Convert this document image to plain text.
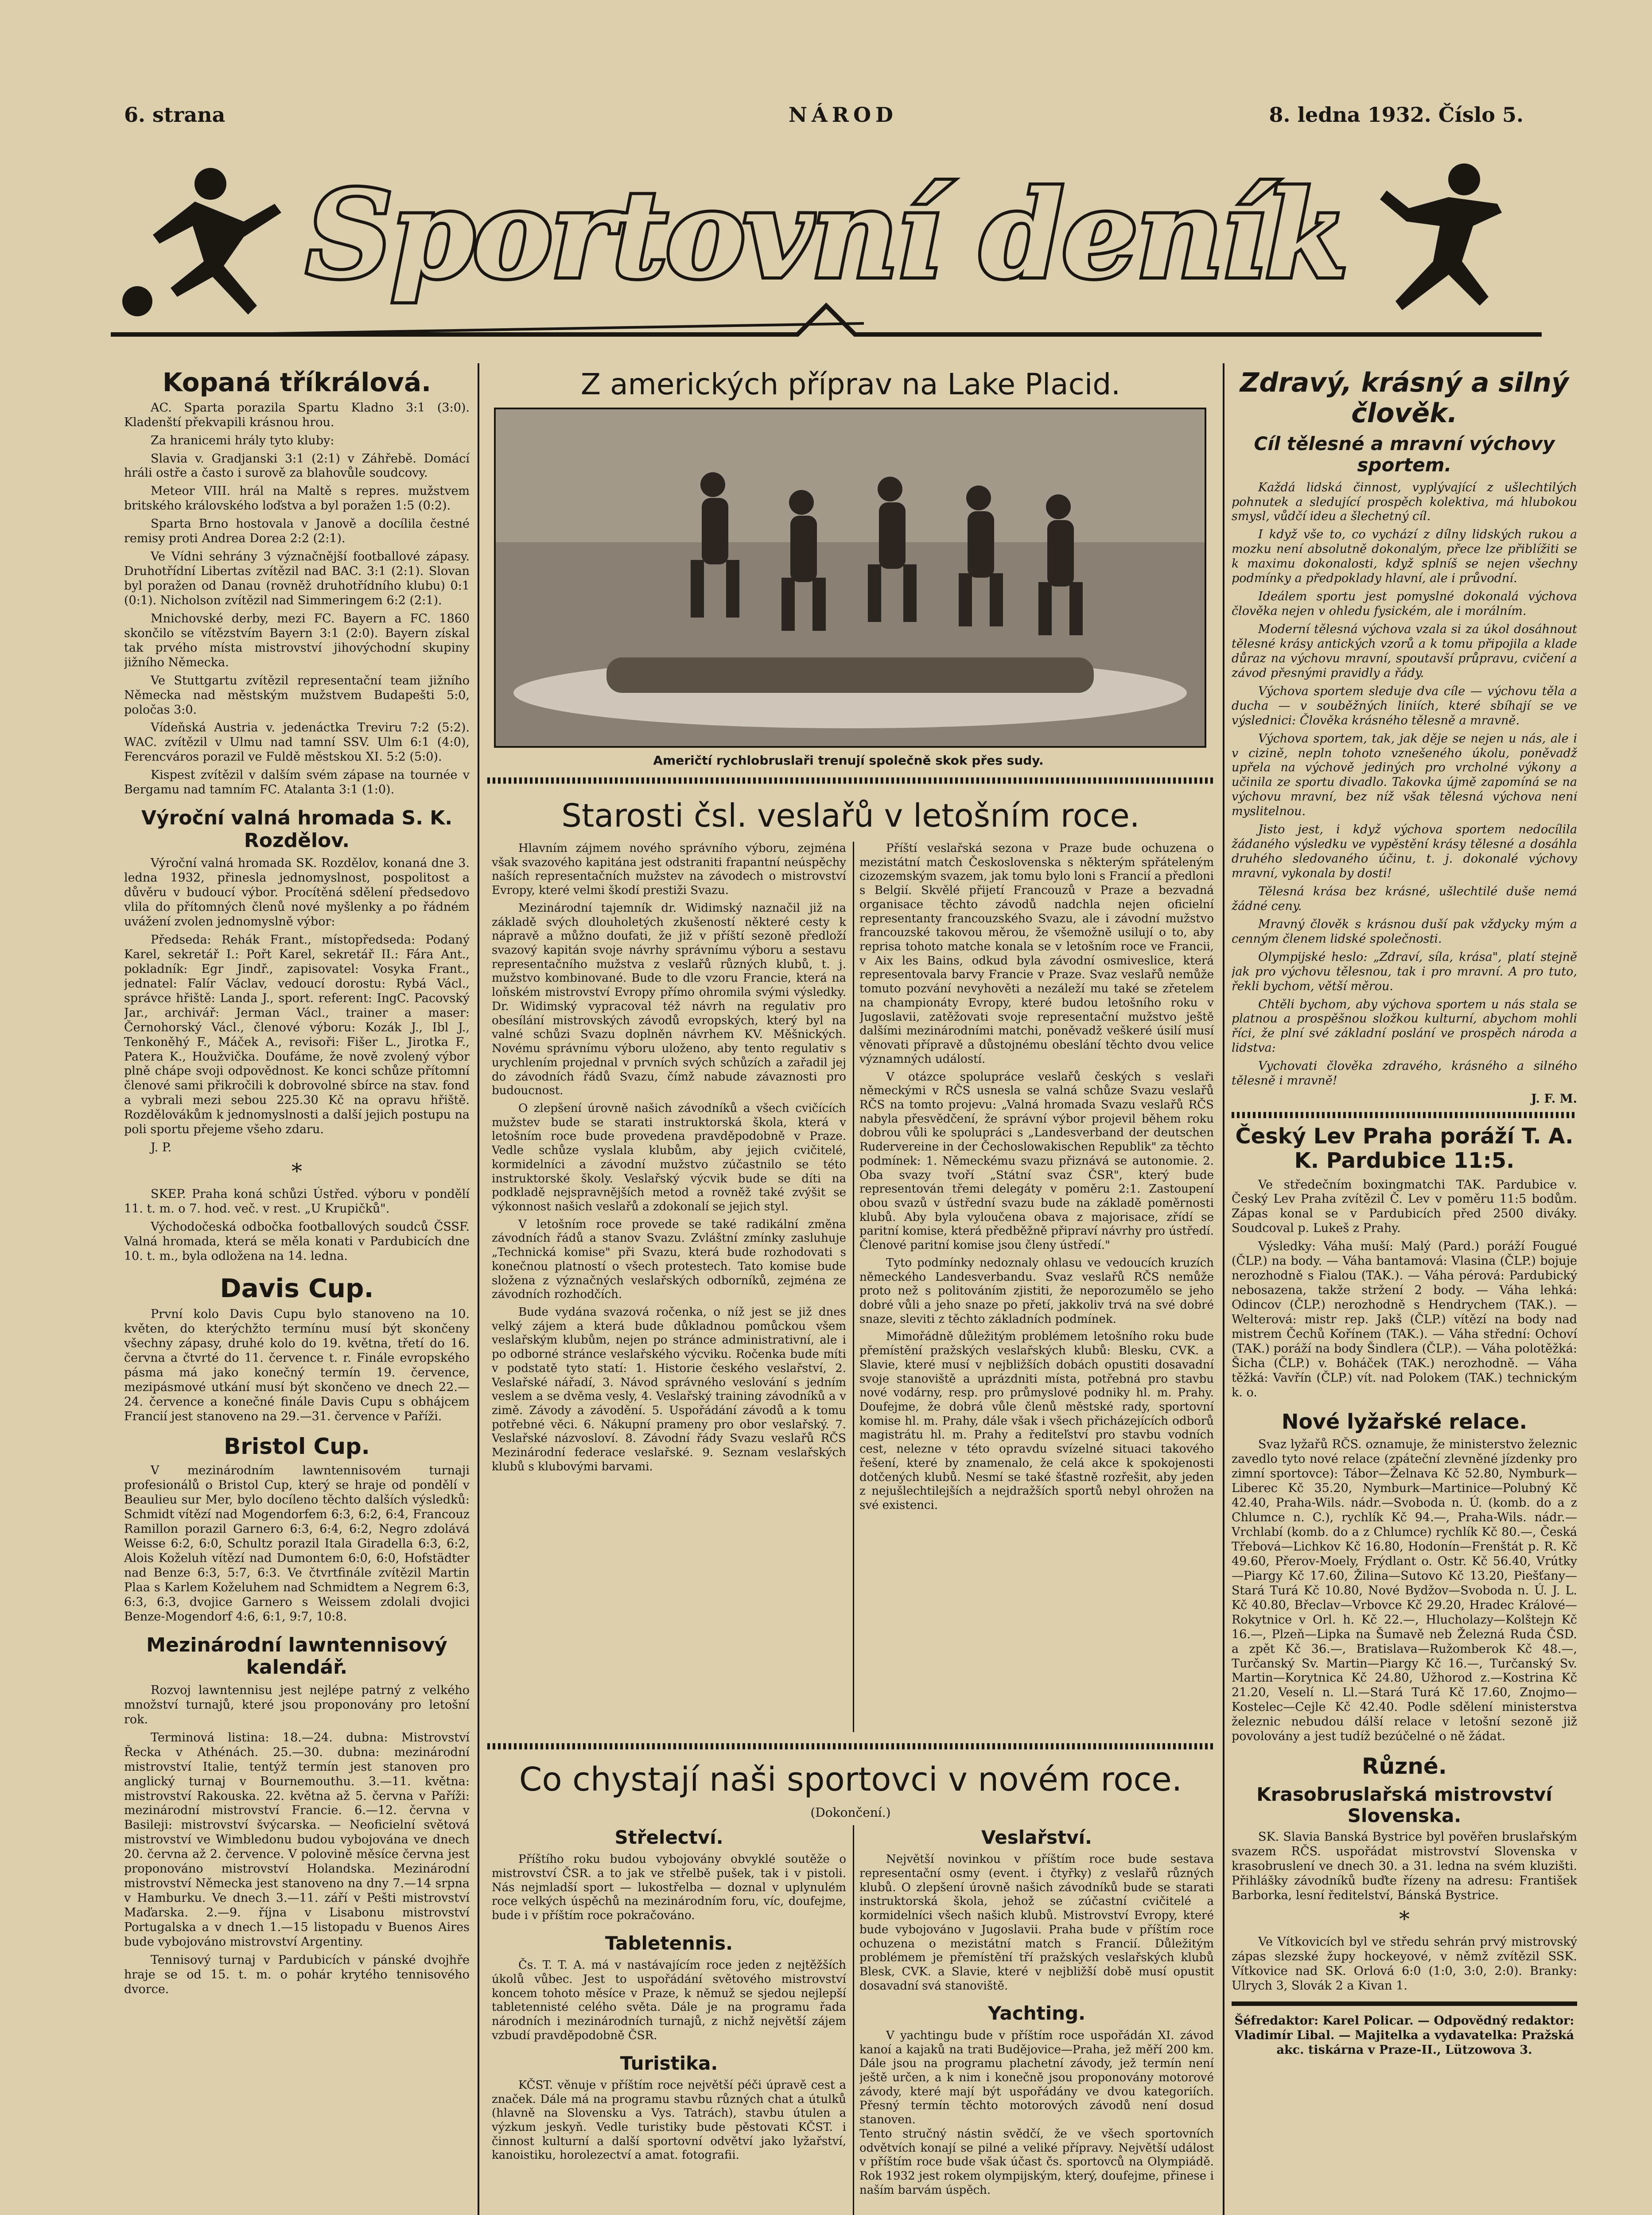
6. strana	NÁROD	8. ledna 1932. Číslo 5.
Sportovní deník
Kopaná tříkrálová.

AC. Sparta porazila Spartu Kladno 3:1 (3:0). Kladenští překvapili krásnou hrou.

Za hranicemi hrály tyto kluby:

Slavia v. Gradjanski 3:1 (2:1) v Záhřebě. Domácí hráli ostře a často i surově za blahovůle soudcovy.

Meteor VIII. hrál na Maltě s repres. mužstvem britského královského loďstva a byl poražen 1:5 (0:2).

Sparta Brno hostovala v Janově a docílila čestné remisy proti Andrea Dorea 2:2 (2:1).

Ve Vídni sehrány 3 význačnější footballové zápasy. Druhotřídní Libertas zvítězil nad BAC. 3:1 (2:1). Slovan byl poražen od Danau (rovněž druhotřídního klubu) 0:1 (0:1). Nicholson zvítězil nad Simmeringem 6:2 (2:1).

Mnichovské derby, mezi FC. Bayern a FC. 1860 skončilo se vítězstvím Bayern 3:1 (2:0). Bayern získal tak prvého místa mistrovství jihovýchodní skupiny jižního Německa.

Ve Stuttgartu zvítězil representační team jižního Německa nad městským mužstvem Budapešti 5:0, poločas 3:0.

Vídeňská Austria v. jedenáctka Treviru 7:2 (5:2). WAC. zvítězil v Ulmu nad tamní SSV. Ulm 6:1 (4:0), Ferencváros porazil ve Fuldě městskou XI. 5:2 (5:0).

Kispest zvítězil v dalším svém zápase na tournée v Bergamu nad tamním FC. Atalanta 3:1 (1:0).

Výroční valná hromada S. K. Rozdělov.

Výroční valná hromada SK. Rozdělov, konaná dne 3. ledna 1932, přinesla jednomyslnost, pospolitost a důvěru v budoucí výbor. Procítěná sdělení předsedovo vlila do přítomných členů nové myšlenky a po řádném uvážení zvolen jednomyslně výbor:

Předseda: Rehák Frant., místopředseda: Podaný Karel, sekretář I.: Pořt Karel, sekretář II.: Fára Ant., pokladník: Egr Jindř., zapisovatel: Vosyka Frant., jednatel: Falír Václav, vedoucí dorostu: Rybá Václ., správce hřiště: Landa J., sport. referent: IngC. Pacovský Jar., archivář: Jerman Václ., trainer a maser: Černohorský Václ., členové výboru: Kozák J., Ibl J., Tenkoněhý F., Máček A., revisoři: Fišer L., Jirotka F., Patera K., Houžvička. Doufáme, že nově zvolený výbor plně chápe svoji odpovědnost. Ke konci schůze přítomní členové sami přikročili k dobrovolné sbírce na stav. fond a vybrali mezi sebou 225.30 Kč na opravu hřiště. Rozdělovákům k jednomyslnosti a další jejich postupu na poli sportu přejeme všeho zdaru.

J. P.

*

SKEP. Praha koná schůzi Ústřed. výboru v pondělí 11. t. m. o 7. hod. več. v rest. „U Krupičků".

Východočeská odbočka footballových soudců ČSSF. Valná hromada, která se měla konati v Pardubicích dne 10. t. m., byla odložena na 14. ledna.

Davis Cup.

První kolo Davis Cupu bylo stanoveno na 10. květen, do kterýchžto termínu musí být skončeny všechny zápasy, druhé kolo do 19. května, třetí do 16. června a čtvrté do 11. července t. r. Finále evropského pásma má jako konečný termín 19. července, mezipásmové utkání musí být skončeno ve dnech 22.—24. července a konečné finále Davis Cupu s obhájcem Francií jest stanoveno na 29.—31. července v Paříži.

Bristol Cup.

V mezinárodním lawntennisovém turnaji profesionálů o Bristol Cup, který se hraje od pondělí v Beaulieu sur Mer, bylo docíleno těchto dalších výsledků: Schmidt vítězí nad Mogendorfem 6:3, 6:2, 6:4, Francouz Ramillon porazil Garnero 6:3, 6:4, 6:2, Negro zdolává Weisse 6:2, 6:0, Schultz porazil Itala Giradella 6:3, 6:2, Alois Koželuh vítězí nad Dumontem 6:0, 6:0, Hofstädter nad Benze 6:3, 5:7, 6:3. Ve čtvrtfinále zvítězil Martin Plaa s Karlem Koželuhem nad Schmidtem a Negrem 6:3, 6:3, 6:3, dvojice Garnero s Weissem zdolali dvojici Benze-Mogendorf 4:6, 6:1, 9:7, 10:8.

Mezinárodní lawntennisový kalendář.

Rozvoj lawntennisu jest nejlépe patrný z velkého množství turnajů, které jsou proponovány pro letošní rok.

Terminová listina: 18.—24. dubna: Mistrovství Řecka v Athénách. 25.—30. dubna: mezinárodní mistrovství Italie, tentýž termín jest stanoven pro anglický turnaj v Bournemouthu. 3.—11. května: mistrovství Rakouska. 22. května až 5. června v Paříži: mezinárodní mistrovství Francie. 6.—12. června v Basileji: mistrovství švýcarska. — Neoficielní světová mistrovství ve Wimbledonu budou vybojována ve dnech 20. června až 2. července. V polovině měsíce června jest proponováno mistrovství Holandska. Mezinárodní mistrovství Německa jest stanoveno na dny 7.—14 srpna v Hamburku. Ve dnech 3.—11. září v Pešti mistrovství Maďarska. 2.—9. října v Lisabonu mistrovství Portugalska a v dnech 1.—15 listopadu v Buenos Aires bude vybojováno mistrovství Argentiny.

Tennisový turnaj v Pardubicích v pánské dvojhře hraje se od 15. t. m. o pohár krytého tennisového dvorce.

Z amerických příprav na Lake Placid.
Američtí rychlobruslaři trenují společně skok přes sudy.
Starosti čsl. veslařů v letošním roce.

Hlavním zájmem nového správního výboru, zejména však svazového kapitána jest odstraniti frapantní neúspěchy naších representačních mužstev na závodech o mistrovství Evropy, které velmi škodí prestiži Svazu.

Mezinárodní tajemník dr. Widimský naznačil již na základě svých dlouholetých zkušeností některé cesty k nápravě a můžno doufati, že již v příští sezoně předloží svazový kapitán svoje návrhy správnímu výboru a sestavu representačního mužstva z veslařů různých klubů, t. j. mužstvo kombinované. Bude to dle vzoru Francie, která na loňském mistrovství Evropy přímo ohromila svými výsledky. Dr. Widimský vypracoval též návrh na regulativ pro obesílání mistrovských závodů evropských, který byl na valné schůzi Svazu doplněn návrhem KV. Měšnických. Novému správnímu výboru uloženo, aby tento regulativ s urychlením projednal v prvních svých schůzích a zařadil jej do závodních řádů Svazu, čímž nabude závaznosti pro budoucnost.

O zlepšení úrovně našich závodníků a všech cvičících mužstev bude se starati instruktorská škola, která v letošním roce bude provedena pravděpodobně v Praze. Vedle schůze vyslala klubům, aby jejich cvičitelé, kormidelníci a závodní mužstvo zúčastnilo se této instruktorské školy. Veslařský výcvik bude se díti na podkladě nejspravnějších metod a rovněž také zvýšit se výkonnost našich veslařů a zdokonalí se jejich styl.

V letošním roce provede se také radikální změna závodních řádů a stanov Svazu. Zvláštní zmínky zasluhuje „Technická komise" při Svazu, která bude rozhodovati s konečnou platností o všech protestech. Tato komise bude složena z význačných veslařských odborníků, zejména ze závodních rozhodčích.

Bude vydána svazová ročenka, o níž jest se již dnes velký zájem a která bude důkladnou pomůckou všem veslařským klubům, nejen po stránce administrativní, ale i po odborné stránce veslařského výcviku. Ročenka bude míti v podstatě tyto statí: 1. Historie českého veslařství, 2. Veslařské nářadí, 3. Návod správného veslování s jedním veslem a se dvěma vesly, 4. Veslařský training závodníků a v zimě. Závody a závodění. 5. Uspořádání závodů a k tomu potřebné věci. 6. Nákupní prameny pro obor veslařský. 7. Veslařské názvosloví. 8. Závodní řády Svazu veslařů RČS Mezinárodní federace veslařské. 9. Seznam veslařských klubů s klubovými barvami.

Příští veslařská sezona v Praze bude ochuzena o mezistátní match Československa s některým spřáteleným cizozemským svazem, jak tomu bylo loni s Francií a předloni s Belgií. Skvělé přijetí Francouzů v Praze a bezvadná organisace těchto závodů nadchla nejen oficielní representanty francouzského Svazu, ale i závodní mužstvo francouzské takovou měrou, že všemožně usilují o to, aby reprisa tohoto matche konala se v letošním roce ve Francii, v Aix les Bains, odkud byla závodní osmiveslice, která representovala barvy Francie v Praze. Svaz veslařů nemůže tomuto pozvání nevyhověti a nezáleží mu také se zřetelem na championáty Evropy, které budou letošního roku v Jugoslavii, zatěžovati svoje representační mužstvo ještě dalšími mezinárodními matchi, poněvadž veškeré úsilí musí věnovati přípravě a důstojnému obeslání těchto dvou velice významných událostí.

V otázce spolupráce veslařů českých s veslaři německými v RČS usnesla se valná schůze Svazu veslařů RČS na tomto projevu: „Valná hromada Svazu veslařů RČS nabyla přesvědčení, že správní výbor projevil během roku dobrou vůli ke spolupráci s „Landesverband der deutschen Rudervereine in der Čechoslowakischen Republik" za těchto podmínek: 1. Německému svazu přiznává se autonomie. 2. Oba svazy tvoří „Státní svaz ČSR", který bude representován třemi delegáty v poměru 2:1. Zastoupení obou svazů v ústřední svazu bude na základě poměrnosti klubů. Aby byla vyloučena obava z majorisace, zřídí se paritní komise, která předběžně připraví návrhy pro ústředí. Členové paritní komise jsou členy ústředí."

Tyto podmínky nedoznaly ohlasu ve vedoucích kruzích německého Landesverbandu. Svaz veslařů RČS nemůže proto než s politováním zjistiti, že neporozumělo se jeho dobré vůli a jeho snaze po přetí, jakkoliv trvá na své dobré snaze, sleviti z těchto základních podmínek.

Mimořádně důležitým problémem letošního roku bude přemístění pražských veslařských klubů: Blesku, CVK. a Slavie, které musí v nejbližších dobách opustiti dosavadní svoje stanoviště a uprázdniti místa, potřebná pro stavbu nové vodárny, resp. pro průmyslové podniky hl. m. Prahy. Doufejme, že dobrá vůle členů městské rady, sportovní komise hl. m. Prahy, dále však i všech přicházejících odborů magistrátu hl. m. Prahy a řediteľství pro stavbu vodních cest, nelezne v této opravdu svízelné situaci takového řešení, které by znamenalo, že celá akce k spokojenosti dotčených klubů. Nesmí se také šťastně rozřešit, aby jeden z nejušlechtilejších a nejdražších sportů nebyl ohrožen na své existenci.

Co chystají naši sportovci v novém roce.
(Dokončení.)
Střelectví.

Příštího roku budou vybojovány obvyklé soutěže o mistrovství ČSR. a to jak ve střelbě pušek, tak i v pistoli. Nás nejmladší sport — lukostřelba — doznal v uplynulém roce velkých úspěchů na mezinárodním foru, víc, doufejme, bude i v příštím roce pokračováno.

Tabletennis.

Čs. T. T. A. má v nastávajícím roce jeden z nejtěžších úkolů vůbec. Jest to uspořádání světového mistrovství koncem tohoto měsíce v Praze, k němuž se sjedou nejlepší tabletennisté celého světa. Dále je na programu řada národních i mezinárodních turnajů, z nichž největší zájem vzbudí pravděpodobně ČSR.

Turistika.

KČST. věnuje v příštím roce největší péči úpravě cest a značek. Dále má na programu stavbu různých chat a útulků (hlavně na Slovensku a Vys. Tatrách), stavbu útulen a výzkum jeskyň. Vedle turistiky bude pěstovati KČST. i činnost kulturní a další sportovní odvětví jako lyžařství, kanoistiku, horolezectví a amat. fotografii.

Veslařství.

Největší novinkou v příštím roce bude sestava representační osmy (event. i čtyřky) z veslařů různých klubů. O zlepšení úrovně našich závodníků bude se starati instruktorská škola, jehož se zúčastní cvičitelé a kormidelníci všech našich klubů. Mistrovství Evropy, které bude vybojováno v Jugoslavii. Praha bude v příštím roce ochuzena o mezistátní match s Francií. Důležitým problémem je přemístění tří pražských veslařských klubů Blesk, CVK. a Slavie, které v nejbližší době musí opustit dosavadní svá stanoviště.

Yachting.

V yachtingu bude v příštím roce uspořádán XI. závod kanoí a kajaků na trati Budějovice—Praha, jež měří 200 km. Dále jsou na programu plachetní závody, jež termín není ještě určen, a k nim i konečně jsou proponovány motorové závody, které mají být uspořádány ve dvou kategoriích. Přesný termín těchto motorových závodů není dosud stanoven.
Tento stručný nástin svědčí, že ve všech sportovních odvětvích konají se pilné a veliké přípravy. Největší událost v příštím roce bude však účast čs. sportovců na Olympiádě. Rok 1932 jest rokem olympijským, který, doufejme, přinese i naším barvám úspěch.

Zdravý, krásný a silný člověk.
Cíl tělesné a mravní výchovy sportem.

Každá lidská činnost, vyplývající z ušlechtilých pohnutek a sledující prospěch kolektiva, má hlubokou smysl, vůdčí ideu a šlechetný cíl.

I když vše to, co vychází z dílny lidských rukou a mozku není absolutně dokonalým, přece lze přiblížiti se k maximu dokonalosti, když splníš se nejen všechny podmínky a předpoklady hlavní, ale i průvodní.

Ideálem sportu jest pomyslné dokonalá výchova člověka nejen v ohledu fysickém, ale i morálním.

Moderní tělesná výchova vzala si za úkol dosáhnout tělesné krásy antických vzorů a k tomu připojila a klade důraz na výchovu mravní, spoutavší průpravu, cvičení a závod přesnými pravidly a řády.

Výchova sportem sleduje dva cíle — výchovu těla a ducha — v souběžných liniích, které sbíhají se ve výslednici: Člověka krásného tělesně a mravně.

Výchova sportem, tak, jak děje se nejen u nás, ale i v cizině, nepln tohoto vznešeného úkolu, poněvadž upřela na výchově jediných pro vrcholné výkony a učinila ze sportu divadlo. Takovka újmě zapomíná se na výchovu mravní, bez níž však tělesná výchova není myslitelnou.

Jisto jest, i když výchova sportem nedocílila žádaného výsledku ve vypěstění krásy tělesné a dosáhla druhého sledovaného účinu, t. j. dokonalé výchovy mravní, vykonala by dosti!

Tělesná krása bez krásné, ušlechtilé duše nemá žádné ceny.

Mravný člověk s krásnou duší pak vždycky mým a cenným členem lidské společnosti.

Olympijské heslo: „Zdraví, síla, krása", platí stejně jak pro výchovu tělesnou, tak i pro mravní. A pro tuto, řekli bychom, větší měrou.

Chtěli bychom, aby výchova sportem u nás stala se platnou a prospěšnou složkou kulturní, abychom mohli říci, že plní své základní poslání ve prospěch národa a lidstva:

Vychovati člověka zdravého, krásného a silného tělesně i mravně!

J. F. M.
Český Lev Praha poráží T. A. K. Pardubice 11:5.

Ve středečním boxingmatchi TAK. Pardubice v. Český Lev Praha zvítězil Č. Lev v poměru 11:5 bodům. Zápas konal se v Pardubicích před 2500 diváky. Soudcoval p. Lukeš z Prahy.

Výsledky: Váha muší: Malý (Pard.) poráží Fougué (ČLP.) na body. — Váha bantamová: Vlasina (ČLP.) bojuje nerozhodně s Fialou (TAK.). — Váha pérová: Pardubický nebosazena, takže stržení 2 body. — Váha lehká: Odincov (ČLP.) nerozhodně s Hendrychem (TAK.). — Welterová: mistr rep. Jakš (ČLP.) vítězí na body nad mistrem Čechů Kořínem (TAK.). — Váha střední: Ochoví (TAK.) poráží na body Šindlera (ČLP.). — Váha polotěžká: Šicha (ČLP.) v. Boháček (TAK.) nerozhodně. — Váha těžká: Vavřín (ČLP.) vít. nad Polokem (TAK.) technickým k. o.

Nové lyžařské relace.

Svaz lyžařů RČS. oznamuje, že ministerstvo železnic zavedlo tyto nové relace (zpáteční zlevněné jízdenky pro zimní sportovce): Tábor—Želnava Kč 52.80, Nymburk—Liberec Kč 35.20, Nymburk—Martinice—Polubný Kč 42.40, Praha-Wils. nádr.—Svoboda n. Ú. (komb. do a z Chlumce n. C.), rychlík Kč 94.—, Praha-Wils. nádr.—Vrchlabí (komb. do a z Chlumce) rychlík Kč 80.—, Česká Třebová—Lichkov Kč 16.80, Hodonín—Frenštát p. R. Kč 49.60, Přerov-Moely, Frýdlant o. Ostr. Kč 56.40, Vrútky—Piargy Kč 17.60, Žilina—Sutovo Kč 13.20, Piešťany—Stará Turá Kč 10.80, Nové Bydžov—Svoboda n. Ú. J. L. Kč 40.80, Břeclav—Vrbovce Kč 29.20, Hradec Králové—Rokytnice v Orl. h. Kč 22.—, Hlucholazy—Kolštejn Kč 16.—, Plzeň—Lipka na Šumavě neb Železná Ruda ČSD. a zpět Kč 36.—, Bratislava—Ružomberok Kč 48.—, Turčanský Sv. Martin—Piargy Kč 16.—, Turčanský Sv. Martin—Korytnica Kč 24.80, Užhorod z.—Kostrina Kč 21.20, Veselí n. Ll.—Stará Turá Kč 17.60, Znojmo—Kostelec—Cejle Kč 42.40. Podle sdělení ministerstva železnic nebudou dálší relace v letošní sezoně již povolovány a jest tudíž bezúčelné o ně žádat.

Různé.
Krasobruslařská mistrovství Slovenska.

SK. Slavia Banská Bystrice byl pověřen bruslařským svazem RČS. uspořádat mistrovství Slovenska v krasobruslení ve dnech 30. a 31. ledna na svém kluzišti. Přihlášky závodníků buďte řízeny na adresu: František Barborka, lesní ředitelství, Bánská Bystrice.

*

Ve Vítkovicích byl ve středu sehrán prvý mistrovský zápas slezské župy hockeyové, v němž zvítězil SSK. Vítkovice nad SK. Orlová 6:0 (1:0, 3:0, 2:0). Branky: Ulrych 3, Slovák 2 a Kivan 1.

Šéfredaktor: Karel Policar. — Odpovědný redaktor: Vladimír Libal. — Majitelka a vydavatelka: Pražská akc. tiskárna v Praze-II., Lützowova 3.
